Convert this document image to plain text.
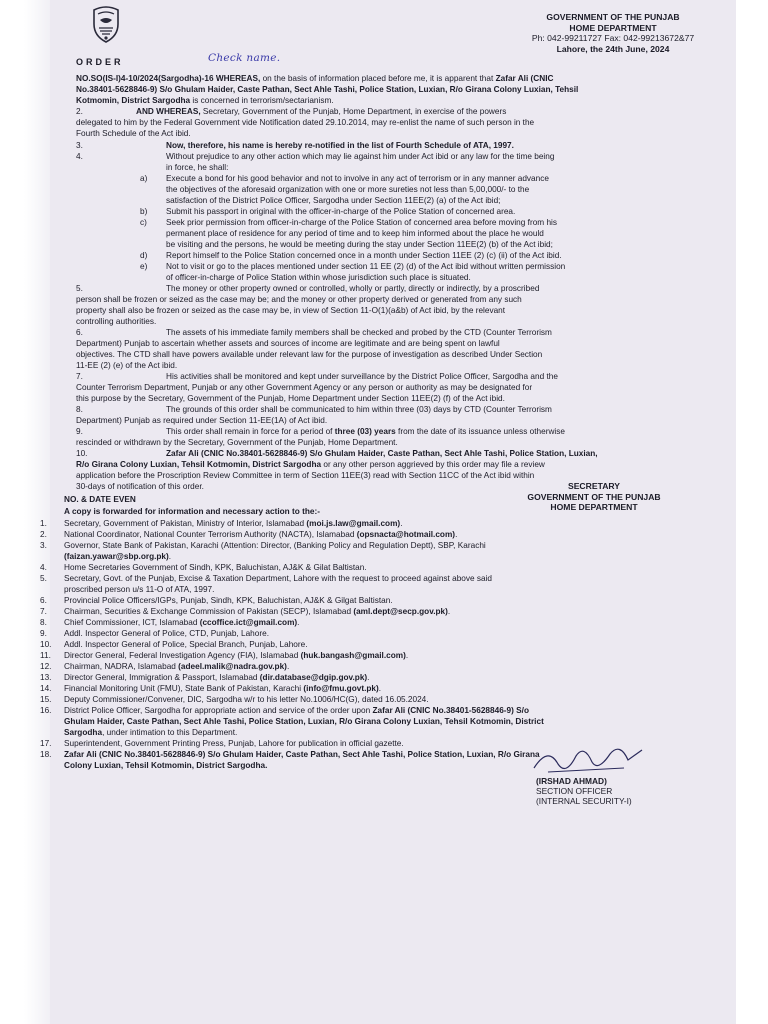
GOVERNMENT OF THE PUNJAB
HOME DEPARTMENT
Ph: 042-99211727 Fax: 042-99213672&77
Lahore, the 24th June, 2024
Check name.
ORDER
NO.SO(IS-I)4-10/2024(Sargodha)-16 WHEREAS, on the basis of information placed before me, it is apparent that Zafar Ali (CNIC
No.38401-5628846-9) S/o Ghulam Haider, Caste Pathan, Sect Ahle Tashi, Police Station, Luxian, R/o Girana Colony Luxian, Tehsil
Kotmomin, District Sargodha is concerned in terrorism/sectarianism.
2.	AND WHEREAS, Secretary, Government of the Punjab, Home Department, in exercise of the powers
delegated to him by the Federal Government vide Notification dated 29.10.2014, may re-enlist the name of such person in the
Fourth Schedule of the Act ibid.
3.	Now, therefore, his name is hereby re-notified in the list of Fourth Schedule of ATA, 1997.
4.	Without prejudice to any other action which may lie against him under Act ibid or any law for the time being
in force, he shall:
a) Execute a bond for his good behavior and not to involve in any act of terrorism or in any manner advance
the objectives of the aforesaid organization with one or more sureties not less than 5,00,000/- to the
satisfaction of the District Police Officer, Sargodha under Section 11EE(2) (a) of the Act ibid;
b) Submit his passport in original with the officer-in-charge of the Police Station of concerned area.
c) Seek prior permission from officer-in-charge of the Police Station of concerned area before moving from his
permanent place of residence for any period of time and to keep him informed about the place he would
be visiting and the persons, he would be meeting during the stay under Section 11EE(2) (b) of the Act ibid;
d) Report himself to the Police Station concerned once in a month under Section 11EE (2) (c) (ii) of the Act ibid.
e) Not to visit or go to the places mentioned under section 11 EE (2) (d) of the Act ibid without written permission
of officer-in-charge of Police Station within whose jurisdiction such place is situated.
5.	The money or other property owned or controlled, wholly or partly, directly or indirectly, by a proscribed
person shall be frozen or seized as the case may be; and the money or other property derived or generated from any such
property shall also be frozen or seized as the case may be, in view of Section 11-O(1)(a&b) of Act ibid, by the relevant
controlling authorities.
6.	The assets of his immediate family members shall be checked and probed by the CTD (Counter Terrorism
Department) Punjab to ascertain whether assets and sources of income are legitimate and are being spent on lawful
objectives. The CTD shall have powers available under relevant law for the purpose of investigation as described Under Section
11-EE (2) (e) of the Act ibid.
7.	His activities shall be monitored and kept under surveillance by the District Police Officer, Sargodha and the
Counter Terrorism Department, Punjab or any other Government Agency or any person or authority as may be designated for
this purpose by the Secretary, Government of the Punjab, Home Department under Section 11EE(2) (f) of the Act ibid.
8.	The grounds of this order shall be communicated to him within three (03) days by CTD (Counter Terrorism
Department) Punjab as required under Section 11-EE(1A) of Act ibid.
9.	This order shall remain in force for a period of three (03) years from the date of its issuance unless otherwise
rescinded or withdrawn by the Secretary, Government of the Punjab, Home Department.
10.	Zafar Ali (CNIC No.38401-5628846-9) S/o Ghulam Haider, Caste Pathan, Sect Ahle Tashi, Police Station, Luxian,
R/o Girana Colony Luxian, Tehsil Kotmomin, District Sargodha or any other person aggrieved by this order may file a review
application before the Proscription Review Committee in term of Section 11EE(3) read with Section 11CC of the Act ibid within
30-days of notification of this order.	SECRETARY
GOVERNMENT OF THE PUNJAB
HOME DEPARTMENT
NO. & DATE EVEN
A copy is forwarded for information and necessary action to the:-
1. Secretary, Government of Pakistan, Ministry of Interior, Islamabad (moi.js.law@gmail.com).
2. National Coordinator, National Counter Terrorism Authority (NACTA), Islamabad (opsnacta@hotmail.com).
3. Governor, State Bank of Pakistan, Karachi (Attention: Director, (Banking Policy and Regulation Deptt), SBP, Karachi
(faizan.yawar@sbp.org.pk).
4. Home Secretaries Government of Sindh, KPK, Baluchistan, AJ&K & Gilat Baltistan.
5. Secretary, Govt. of the Punjab, Excise & Taxation Department, Lahore with the request to proceed against above said
proscribed person u/s 11-O of ATA, 1997.
6. Provincial Police Officers/IGPs, Punjab, Sindh, KPK, Baluchistan, AJ&K & Gilgat Baltistan.
7. Chairman, Securities & Exchange Commission of Pakistan (SECP), Islamabad (aml.dept@secp.gov.pk).
8. Chief Commissioner, ICT, Islamabad (ccoffice.ict@gmail.com).
9. Addl. Inspector General of Police, CTD, Punjab, Lahore.
10. Addl. Inspector General of Police, Special Branch, Punjab, Lahore.
11. Director General, Federal Investigation Agency (FIA), Islamabad (huk.bangash@gmail.com).
12. Chairman, NADRA, Islamabad (adeel.malik@nadra.gov.pk).
13. Director General, Immigration & Passport, Islamabad (dir.database@dgip.gov.pk).
14. Financial Monitoring Unit (FMU), State Bank of Pakistan, Karachi (info@fmu.govt.pk).
15. Deputy Commissioner/Convener, DIC, Sargodha w/r to his letter No.1006/HC(G), dated 16.05.2024.
16. District Police Officer, Sargodha for appropriate action and service of the order upon Zafar Ali (CNIC No.38401-5628846-9) S/o
Ghulam Haider, Caste Pathan, Sect Ahle Tashi, Police Station, Luxian, R/o Girana Colony Luxian, Tehsil Kotmomin, District
Sargodha, under intimation to this Department.
17. Superintendent, Government Printing Press, Punjab, Lahore for publication in official gazette.
18. Zafar Ali (CNIC No.38401-5628846-9) S/o Ghulam Haider, Caste Pathan, Sect Ahle Tashi, Police Station, Luxian, R/o Girana
Colony Luxian, Tehsil Kotmomin, District Sargodha.
(IRSHAD AHMAD)
SECTION OFFICER
(INTERNAL SECURITY-I)
